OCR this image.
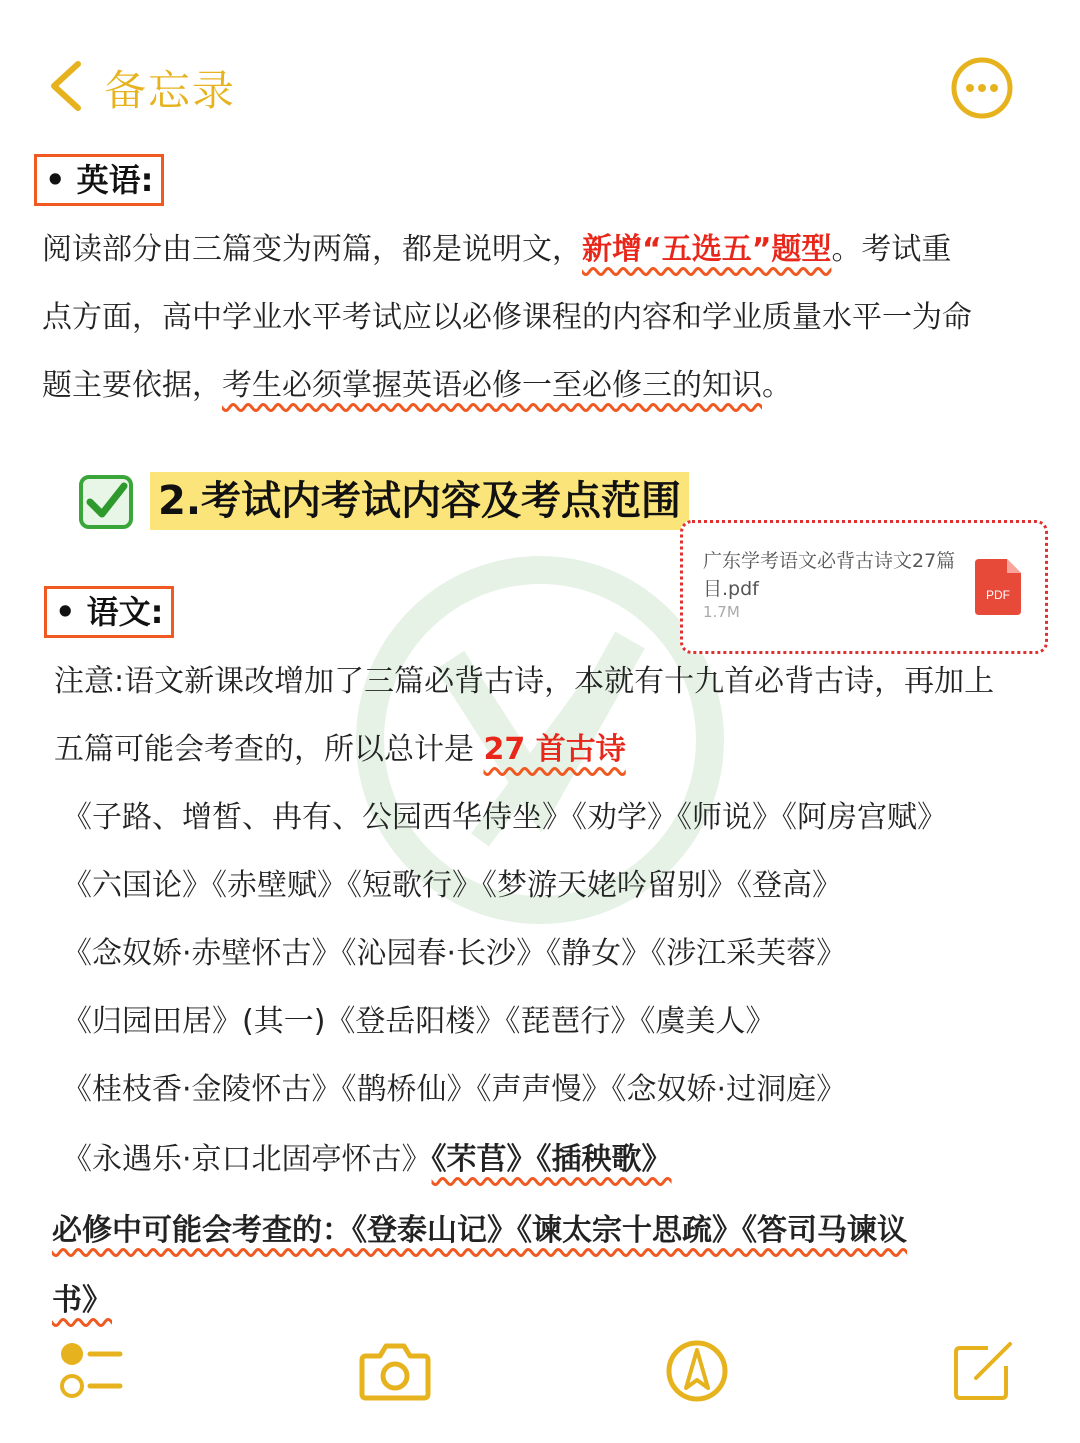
备忘录
• 英语:
阅读部分由三篇变为两篇，都是说明文，新增“五选五”题型。考试重
点方面，高中学业水平考试应以必修课程的内容和学业质量水平一为命
题主要依据，考生必须掌握英语必修一至必修三的知识。
2.考试内考试内容及考点范围
广东学考语文必背古诗文27篇目.pdf
1.7M
PDF
• 语文:
注意:语文新课改增加了三篇必背古诗，本就有十九首必背古诗，再加上
五篇可能会考查的，所以总计是 27 首古诗
《子路、增皙、冉有、公园西华侍坐》《劝学》《师说》《阿房宫赋》
《六国论》《赤壁赋》《短歌行》《梦游天姥吟留别》《登高》
《念奴娇·赤壁怀古》《沁园春·长沙》《静女》《涉江采芙蓉》
《归园田居》(其一)《登岳阳楼》《琵琶行》《虞美人》
《桂枝香·金陵怀古》《鹊桥仙》《声声慢》《念奴娇·过洞庭》
《永遇乐·京口北固亭怀古》《芣苢》《插秧歌》
必修中可能会考查的：《登泰山记》《谏太宗十思疏》《答司马谏议
书》
